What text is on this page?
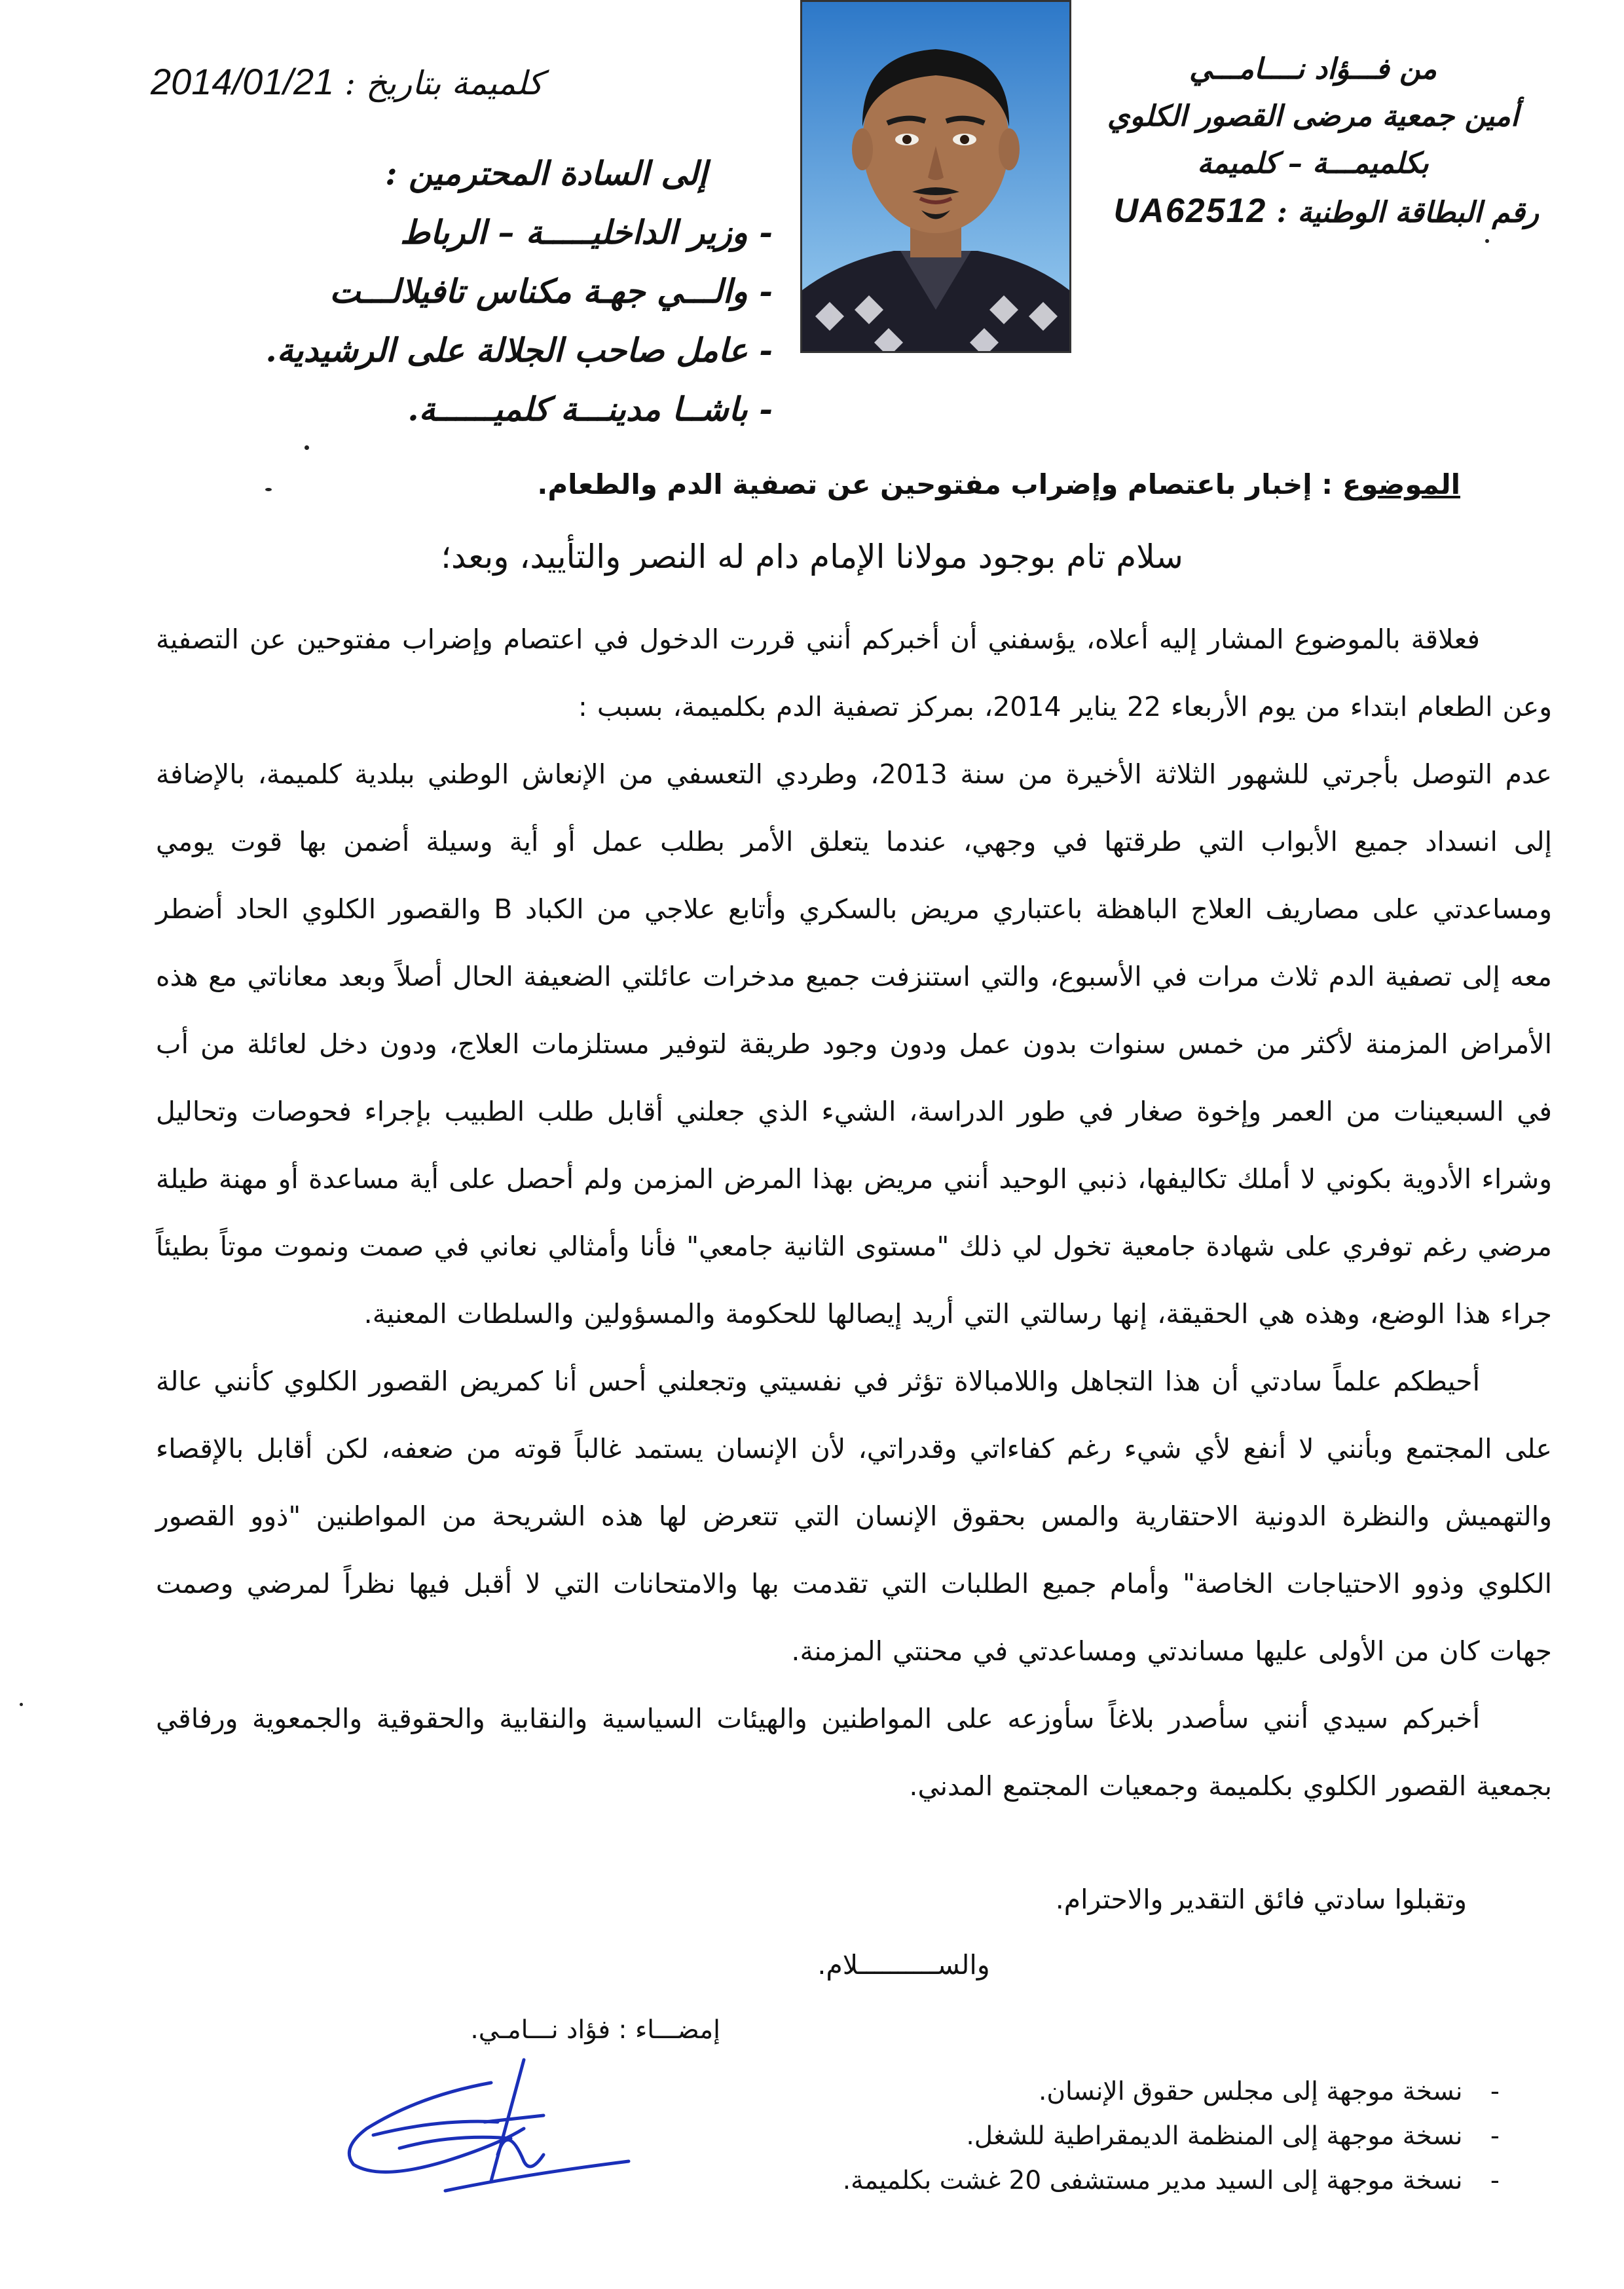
كلميمة بتاريخ : 2014/01/21	من فـــؤاد نــــامـــي
أمين جمعية مرضى القصور الكلوي
بكلميمـــة – كلميمة
رقم البطاقة الوطنية : UA62512
إلى السادة المحترمين :
- وزير الداخليـــــة – الرباط
- والـــي جهـة مكناس تافيلالـــت
- عامل صاحب الجلالة على الرشيدية.
- باشــا مدينـــة كلميــــــة.
الموضوع : إخبار باعتصام وإضراب مفتوحين عن تصفية الدم والطعام.
سلام تام بوجود مولانا الإمام دام له النصر والتأييد، وبعد؛

فعلاقة بالموضوع المشار إليه أعلاه، يؤسفني أن أخبركم أنني قررت الدخول في اعتصام وإضراب مفتوحين عن التصفية وعن الطعام ابتداء من يوم الأربعاء 22 يناير 2014، بمركز تصفية الدم بكلميمة، بسبب :

عدم التوصل بأجرتي للشهور الثلاثة الأخيرة من سنة 2013، وطردي التعسفي من الإنعاش الوطني ببلدية كلميمة، بالإضافة إلى انسداد جميع الأبواب التي طرقتها في وجهي، عندما يتعلق الأمر بطلب عمل أو أية وسيلة أضمن بها قوت يومي ومساعدتي على مصاريف العلاج الباهظة باعتباري مريض بالسكري وأتابع علاجي من الكباد B والقصور الكلوي الحاد أضطر معه إلى تصفية الدم ثلاث مرات في الأسبوع، والتي استنزفت جميع مدخرات عائلتي الضعيفة الحال أصلاً وبعد معاناتي مع هذه الأمراض المزمنة لأكثر من خمس سنوات بدون عمل ودون وجود طريقة لتوفير مستلزمات العلاج، ودون دخل لعائلة من أب في السبعينات من العمر وإخوة صغار في طور الدراسة، الشيء الذي جعلني أقابل طلب الطبيب بإجراء فحوصات وتحاليل وشراء الأدوية بكوني لا أملك تكاليفها، ذنبي الوحيد أنني مريض بهذا المرض المزمن ولم أحصل على أية مساعدة أو مهنة طيلة مرضي رغم توفري على شهادة جامعية تخول لي ذلك "مستوى الثانية جامعي" فأنا وأمثالي نعاني في صمت ونموت موتاً بطيئاً جراء هذا الوضع، وهذه هي الحقيقة، إنها رسالتي التي أريد إيصالها للحكومة والمسؤولين والسلطات المعنية.

أحيطكم علماً سادتي أن هذا التجاهل واللامبالاة تؤثر في نفسيتي وتجعلني أحس أنا كمريض القصور الكلوي كأنني عالة على المجتمع وبأنني لا أنفع لأي شيء رغم كفاءاتي وقدراتي، لأن الإنسان يستمد غالباً قوته من ضعفه، لكن أقابل بالإقصاء والتهميش والنظرة الدونية الاحتقارية والمس بحقوق الإنسان التي تتعرض لها هذه الشريحة من المواطنين "ذوو القصور الكلوي وذوو الاحتياجات الخاصة" وأمام جميع الطلبات التي تقدمت بها والامتحانات التي لا أقبل فيها نظراً لمرضي وصمت جهات كان من الأولى عليها مساندتي ومساعدتي في محنتي المزمنة.

أخبركم سيدي أنني سأصدر بلاغاً سأوزعه على المواطنين والهيئات السياسية والنقابية والحقوقية والجمعوية ورفاقي بجمعية القصور الكلوي بكلميمة وجمعيات المجتمع المدني.

وتقبلوا سادتي فائق التقدير والاحترام.
والســــــــــلام.
إمضـــاء : فؤاد نـــامـي.
- نسخة موجهة إلى مجلس حقوق الإنسان.
- نسخة موجهة إلى المنظمة الديمقراطية للشغل.
- نسخة موجهة إلى السيد مدير مستشفى 20 غشت بكلميمة.
